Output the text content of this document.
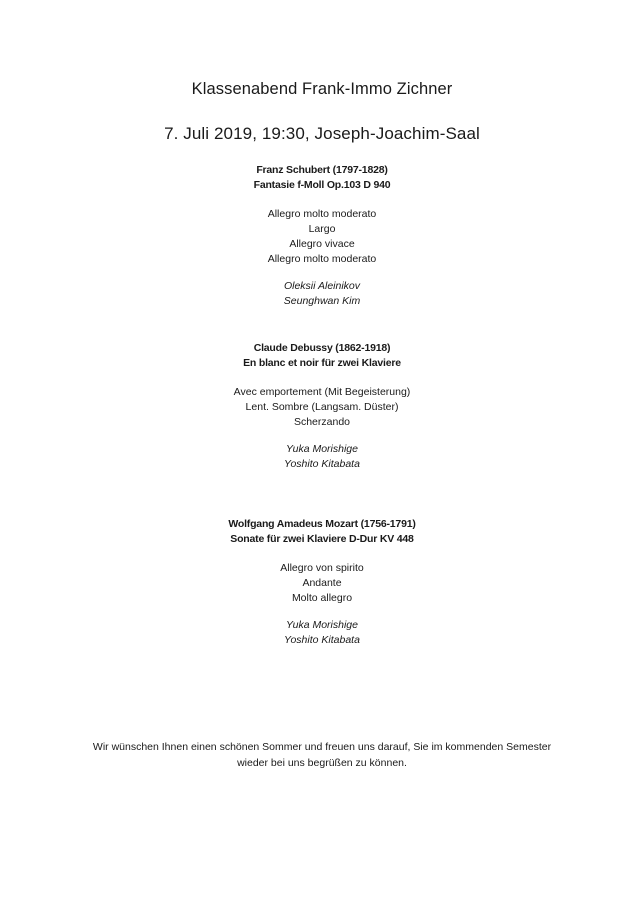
Klassenabend Frank-Immo Zichner
7. Juli 2019, 19:30, Joseph-Joachim-Saal
Franz Schubert (1797-1828)
Fantasie f-Moll Op.103 D 940
Allegro molto moderato
Largo
Allegro vivace
Allegro molto moderato
Oleksii Aleinikov
Seunghwan Kim
Claude Debussy (1862-1918)
En blanc et noir für zwei Klaviere
Avec emportement (Mit Begeisterung)
Lent. Sombre (Langsam. Düster)
Scherzando
Yuka Morishige
Yoshito Kitabata
Wolfgang Amadeus Mozart (1756-1791)
Sonate für zwei Klaviere D-Dur KV 448
Allegro von spirito
Andante
Molto allegro
Yuka Morishige
Yoshito Kitabata
Wir wünschen Ihnen einen schönen Sommer und freuen uns darauf, Sie im kommenden Semester
wieder bei uns begrüßen zu können.
